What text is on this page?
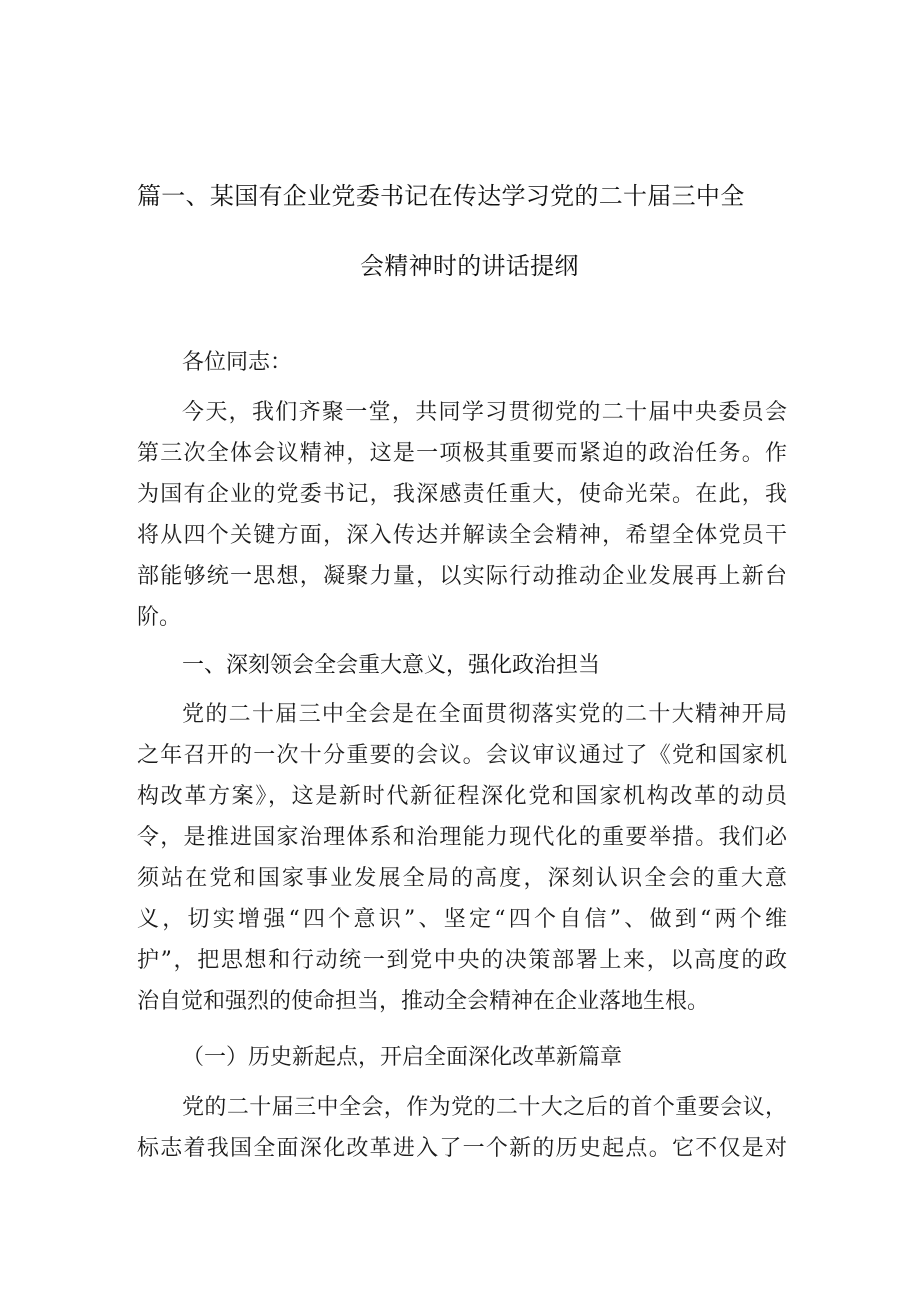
篇一、某国有企业党委书记在传达学习党的二十届三中全
会精神时的讲话提纲
各位同志：
今天，我们齐聚一堂，共同学习贯彻党的二十届中央委员会
第三次全体会议精神，这是一项极其重要而紧迫的政治任务。作
为国有企业的党委书记，我深感责任重大，使命光荣。在此，我
将从四个关键方面，深入传达并解读全会精神，希望全体党员干
部能够统一思想，凝聚力量，以实际行动推动企业发展再上新台
阶。
一、深刻领会全会重大意义，强化政治担当
党的二十届三中全会是在全面贯彻落实党的二十大精神开局
之年召开的一次十分重要的会议。会议审议通过了《党和国家机
构改革方案》，这是新时代新征程深化党和国家机构改革的动员
令，是推进国家治理体系和治理能力现代化的重要举措。我们必
须站在党和国家事业发展全局的高度，深刻认识全会的重大意
义，切实增强“四个意识”、坚定“四个自信”、做到“两个维
护”，把思想和行动统一到党中央的决策部署上来，以高度的政
治自觉和强烈的使命担当，推动全会精神在企业落地生根。
（一）历史新起点，开启全面深化改革新篇章
党的二十届三中全会，作为党的二十大之后的首个重要会议，
标志着我国全面深化改革进入了一个新的历史起点。它不仅是对
